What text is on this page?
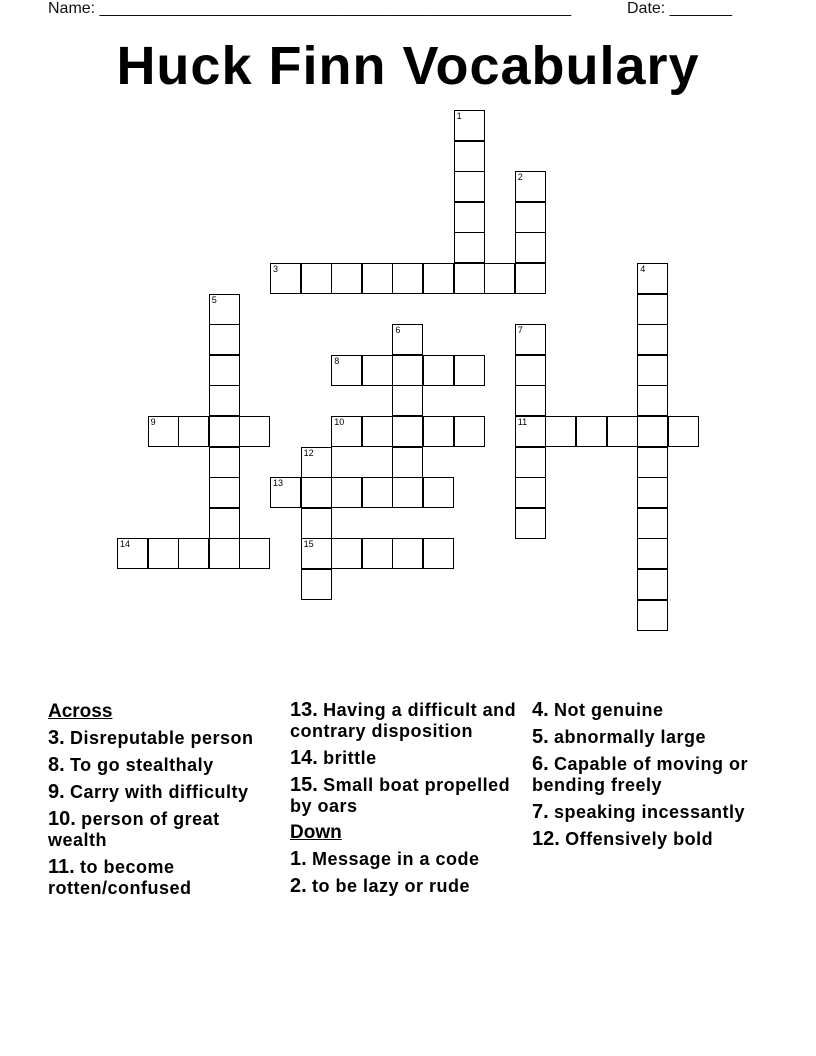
Name: _____________________________________________________	Date: _______
Huck Finn Vocabulary
1
2
3	4
5
6	7
11
8
9	10
12
15
13
14
Across
3. Disreputable person
8. To go stealthaly
9. Carry with difficulty
10. person of great wealth
11. to become rotten/confused
13. Having a difficult and contrary disposition
14. brittle
15. Small boat propelled by oars
Down
1. Message in a code
2. to be lazy or rude
4. Not genuine
5. abnormally large
6. Capable of moving or bending freely
7. speaking incessantly
12. Offensively bold
